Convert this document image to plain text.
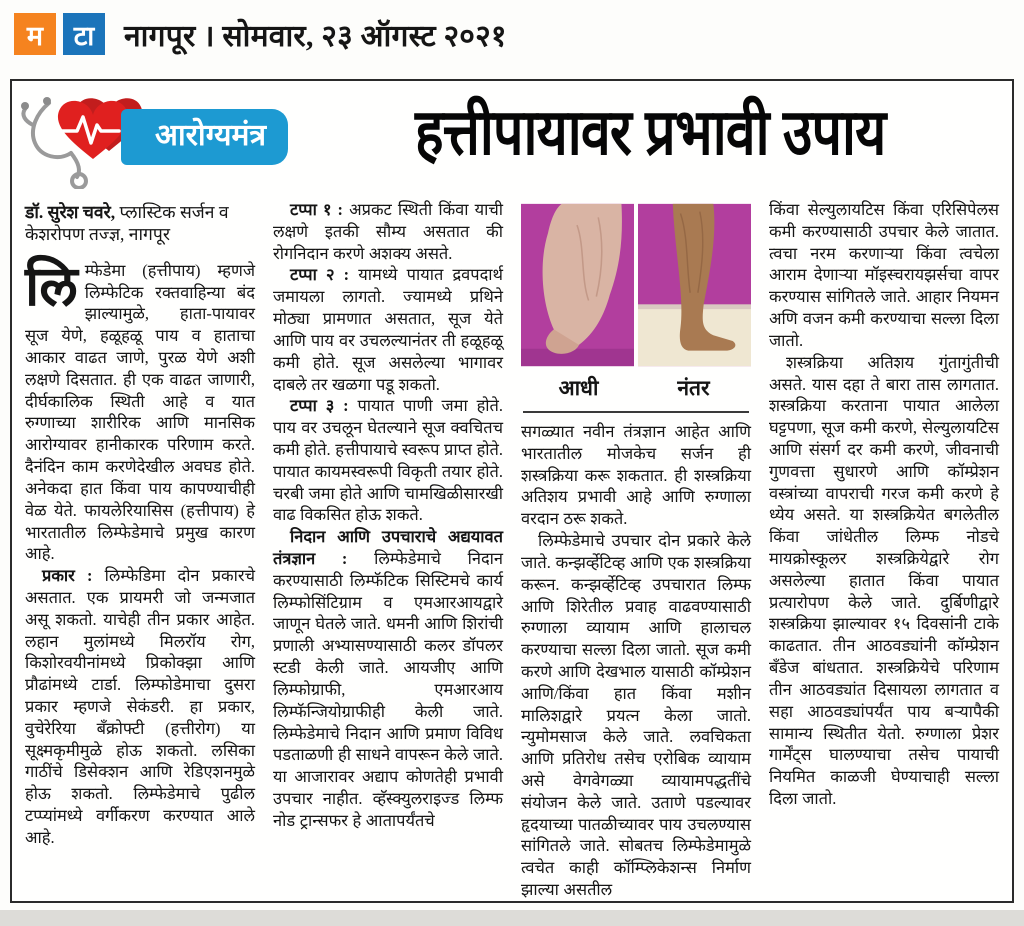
म	टा नागपूर । सोमवार, २३ ऑगस्ट २०२१
आरोग्यमंत्र	हत्तीपायावर प्रभावी उपाय
डॉ. सुरेश चवरे, प्लास्टिक सर्जन व केशरोपण तज्ज्ञ, नागपूर

लिम्फेडेमा (हत्तीपाय) म्हणजे लिम्फेटिक रक्तवाहिन्या बंद झाल्यामुळे, हाता-पायावर सूज येणे, हळूहळू पाय व हाताचा आकार वाढत जाणे, पुरळ येणे अशी लक्षणे दिसतात. ही एक वाढत जाणारी, दीर्घकालिक स्थिती आहे व यात रुग्णाच्या शारीरिक आणि मानसिक आरोग्यावर हानीकारक परिणाम करते. दैनंदिन काम करणेदेखील अवघड होते. अनेकदा हात किंवा पाय कापण्याचीही वेळ येते. फायलेरियासिस (हत्तीपाय) हे भारतातील लिम्फेडेमाचे प्रमुख कारण आहे.

प्रकार : लिम्फेडिमा दोन प्रकारचे असतात. एक प्रायमरी जो जन्मजात असू शकतो. याचेही तीन प्रकार आहेत. लहान मुलांमध्ये मिलरॉय रोग, किशोरवयीनांमध्ये प्रिकोक्झा आणि प्रौढांमध्ये टार्डा. लिम्फोडेमाचा दुसरा प्रकार म्हणजे सेकंडरी. हा प्रकार, वुचेरेरिया बँक्रोफ्टी (हत्तीरोग) या सूक्ष्मकृमीमुळे होऊ शकतो. लसिका गाठींचे डिसेक्शन आणि रेडिएशनमुळे होऊ शकतो. लिम्फेडेमाचे पुढील टप्प्यांमध्ये वर्गीकरण करण्यात आले आहे.

टप्पा १ : अप्रकट स्थिती किंवा याची लक्षणे इतकी सौम्य असतात की रोगनिदान करणे अशक्य असते.

टप्पा २ : यामध्ये पायात द्रवपदार्थ जमायला लागतो. ज्यामध्ये प्रथिने मोठ्या प्रामणात असतात, सूज येते आणि पाय वर उचलल्यानंतर ती हळूहळू कमी होते. सूज असलेल्या भागावर दाबले तर खळगा पडू शकतो.

टप्पा ३ : पायात पाणी जमा होते. पाय वर उचलून घेतल्याने सूज क्वचितच कमी होते. हत्तीपायाचे स्वरूप प्राप्त होते. पायात कायमस्वरूपी विकृती तयार होते. चरबी जमा होते आणि चामखिळीसारखी वाढ विकसित होऊ शकते.

निदान आणि उपचाराचे अद्ययावत तंत्रज्ञान : लिम्फेडेमाचे निदान करण्यासाठी लिम्फॅटिक सिस्टिमचे कार्य लिम्फोसिंटिग्राम व एमआरआयद्वारे जाणून घेतले जाते. धमनी आणि शिरांची प्रणाली अभ्यासण्यासाठी कलर डॉपलर स्टडी केली जाते. आयजीए आणि लिम्फोग्राफी, एमआरआय लिम्फॅन्जियोग्राफीही केली जाते. लिम्फेडेमाचे निदान आणि प्रमाण विविध पडताळणी ही साधने वापरून केले जाते. या आजारावर अद्याप कोणतेही प्रभावी उपचार नाहीत. व्हॅस्क्युलराइज्ड लिम्फ नोड ट्रान्सफर हे आतापर्यंतचे

आधी	नंतर

सगळ्यात नवीन तंत्रज्ञान आहेत आणि भारतातील मोजकेच सर्जन ही शस्त्रक्रिया करू शकतात. ही शस्त्रक्रिया अतिशय प्रभावी आहे आणि रुग्णाला वरदान ठरू शकते.

लिम्फेडेमाचे उपचार दोन प्रकारे केले जाते. कन्झर्व्हेटिव्ह आणि एक शस्त्रक्रिया करून. कन्झर्व्हेटिव्ह उपचारात लिम्फ आणि शिरेतील प्रवाह वाढवण्यासाठी रुग्णाला व्यायाम आणि हालाचल करण्याचा सल्ला दिला जातो. सूज कमी करणे आणि देखभाल यासाठी कॉम्प्रेशन आणि/किंवा हात किंवा मशीन मालिशद्वारे प्रयत्न केला जातो. न्युमोमसाज केले जाते. लवचिकता आणि प्रतिरोध तसेच एरोबिक व्यायाम असे वेगवेगळ्या व्यायामपद्धतींचे संयोजन केले जाते. उताणे पडल्यावर हृदयाच्या पातळीच्यावर पाय उचलण्यास सांगितले जाते. सोबतच लिम्फेडेमामुळे त्वचेत काही कॉम्प्लिकेशन्स निर्माण झाल्या असतील

किंवा सेल्युलायटिस किंवा एरिसिपेलस कमी करण्यासाठी उपचार केले जातात. त्वचा नरम करणाऱ्या किंवा त्वचेला आराम देणाऱ्या मॉइस्चरायझर्सचा वापर करण्यास सांगितले जाते. आहार नियमन अणि वजन कमी करण्याचा सल्ला दिला जातो.

शस्त्रक्रिया अतिशय गुंतागुंतीची असते. यास दहा ते बारा तास लागतात. शस्त्रक्रिया करताना पायात आलेला घट्टपणा, सूज कमी करणे, सेल्युलायटिस आणि संसर्ग दर कमी करणे, जीवनाची गुणवत्ता सुधारणे आणि कॉम्प्रेशन वस्त्रांच्या वापराची गरज कमी करणे हे ध्येय असते. या शस्त्रक्रियेत बगलेतील किंवा जांधेतील लिम्फ नोडचे मायक्रोस्कूलर शस्त्रक्रियेद्वारे रोग असलेल्या हातात किंवा पायात प्रत्यारोपण केले जाते. दुर्बिणीद्वारे शस्त्रक्रिया झाल्यावर १५ दिवसांनी टाके काढतात. तीन आठवड्यांनी कॉम्प्रेशन बँडेज बांधतात. शस्त्रक्रियेचे परिणाम तीन आठवड्यांत दिसायला लागतात व सहा आठवड्यांपर्यंत पाय बऱ्यापैकी सामान्य स्थितीत येतो. रुग्णाला प्रेशर गार्मेंट्स घालण्याचा तसेच पायाची नियमित काळजी घेण्याचाही सल्ला दिला जातो.
